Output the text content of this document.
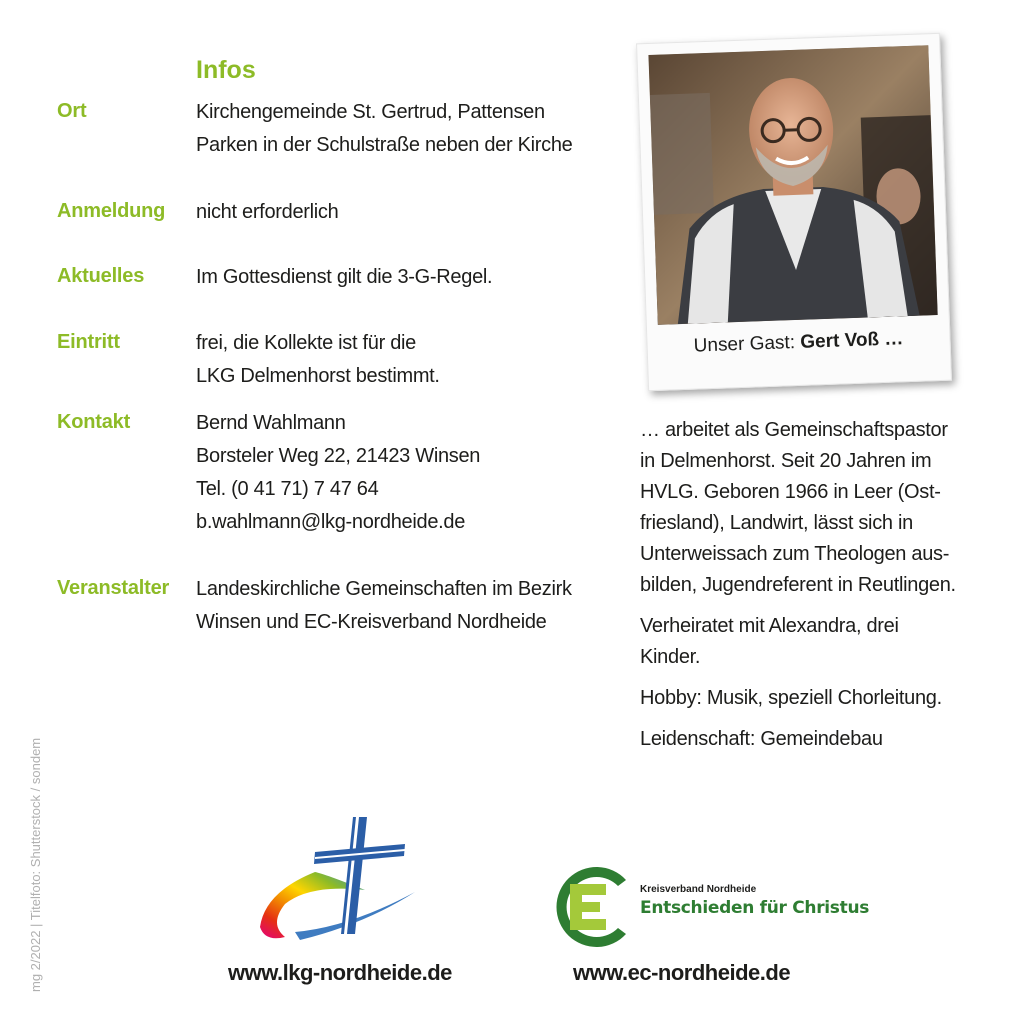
Infos
Ort	Kirchengemeinde St. Gertrud, Pattensen
Parken in der Schulstraße neben der Kirche
Anmeldung nicht erforderlich
Aktuelles	Im Gottesdienst gilt die 3-G-Regel.
Eintritt	frei, die Kollekte ist für die
LKG Delmenhorst bestimmt.
Kontakt	Bernd Wahlmann
Borsteler Weg 22, 21423 Winsen
Tel. (0 41 71) 7 47 64
b.wahlmann@lkg-nordheide.de
Veranstalter Landeskirchliche Gemeinschaften im Bezirk
Winsen und EC-Kreisverband Nordheide
Unser Gast: Gert Voß …
… arbeitet als Gemeinschaftspastor
in Delmenhorst. Seit 20 Jahren im
HVLG. Geboren 1966 in Leer (Ost-
friesland), Landwirt, lässt sich in
Unterweissach zum Theologen aus-
bilden, Jugendreferent in Reutlingen.
Verheiratet mit Alexandra, drei
Kinder.
Hobby: Musik, speziell Chorleitung.
Leidenschaft: Gemeindebau
mg 2/2022 | Titelfoto: Shutterstock / sondem	Kreisverband Nordheide
Entschieden für Christus
www.lkg-nordheide.de	www.ec-nordheide.de
